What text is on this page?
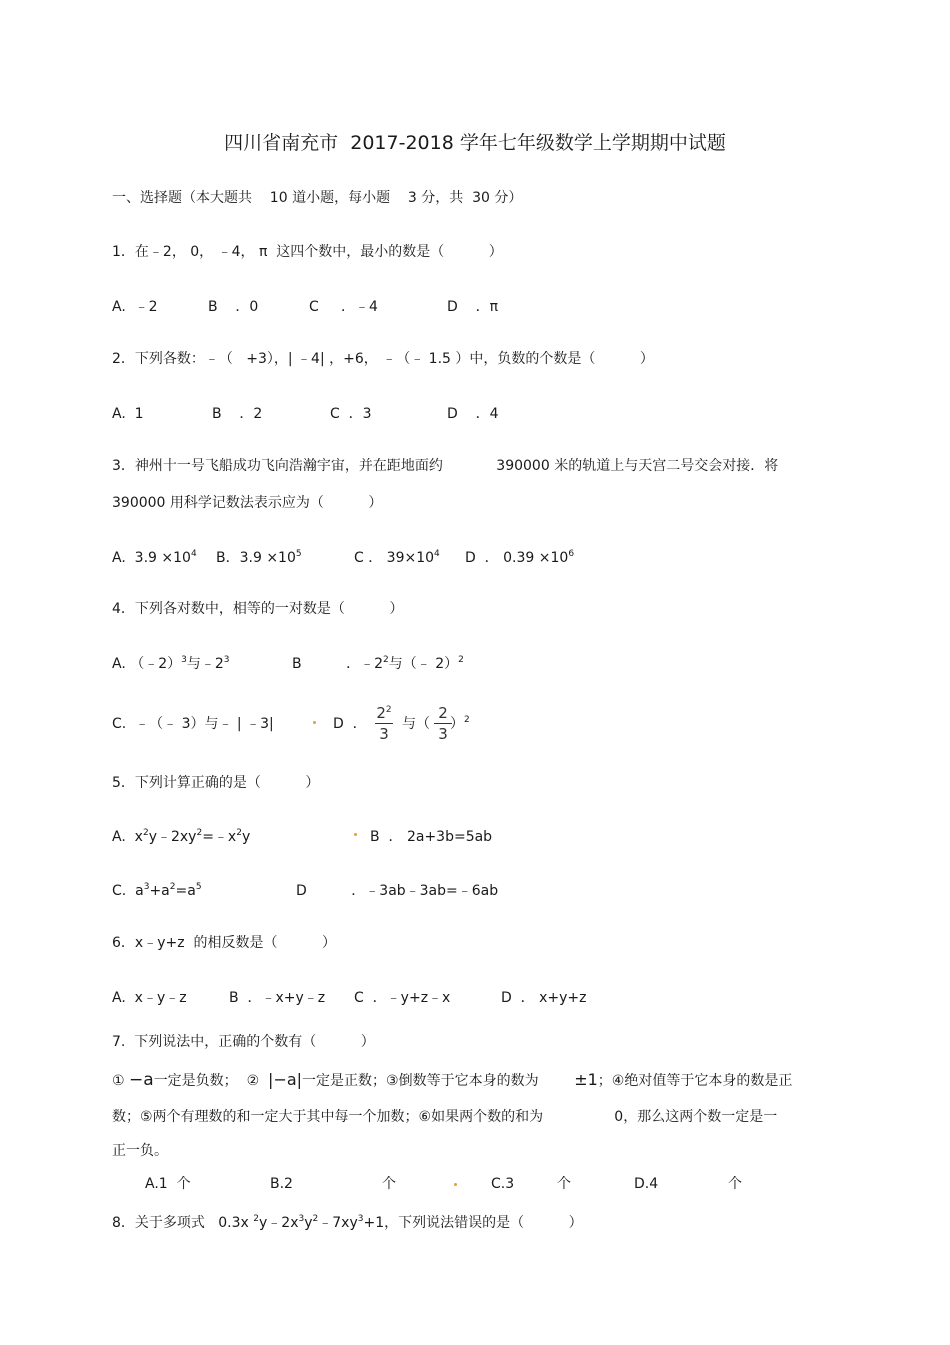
四川省南充市  2017-2018 学年七年级数学上学期期中试题
一、选择题（本大题共    10 道小题，每小题    3 分，共  30 分）
1．在﹣2， 0， ﹣4， π  这四个数中，最小的数是（          ）
A.  ﹣2	B    ．0	C     ．﹣4	D    ．π
2．下列各数：﹣（   +3），| ﹣4| ，+6， ﹣（﹣ 1.5 ）中，负数的个数是（          ）
A.  1	B    ．2	C  ．3	D    ．4
3．神州十一号飞船成功飞向浩瀚宇宙，并在距地面约            390000 米的轨道上与天宫二号交会对接．将
390000 用科学记数法表示应为（          ）
A.  $3.9 \times 10^4$ B．$3.9 \times 10^5$	C ． $39\times 10^4$ D  ． $0.39 \times 10^6$
4．下列各对数中，相等的一对数是（          ）
A. （﹣2）$^3$与$﹣2^3$	B          ．$﹣2^2$与（﹣ 2）$^2$
C.  ﹣（﹣ 3）与﹣ | ﹣3|	D  ．
$2^2$
3
与（
2
3
）$^2$
5．下列计算正确的是（          ）
A.  $x^2y﹣2xy^2=﹣x^2y$	B  ． 2a+3b=5ab
C.  $a^3+a^2=a^5$	D          ．﹣3ab﹣3ab=﹣6ab
6．x﹣y+z  的相反数是（          ）
A.  x﹣y﹣z	B  ．﹣x+y﹣z C  ．﹣y+z﹣x	D  ． x+y+z
7.  下列说法中，正确的个数有（          ）
① −a一定是负数；  ②  |−a|一定是正数；③倒数等于它本身的数为        ±1；④绝对值等于它本身的数是正
数；⑤两个有理数的和一定大于其中每一个加数；⑥如果两个数的和为                0，那么这两个数一定是一
正一负。
A.1  个	B.2	个	C.3	个	D.4	个
8．关于多项式   0.3x $^2y﹣2x^3y^2﹣7xy^3+1$，下列说法错误的是（          ）
